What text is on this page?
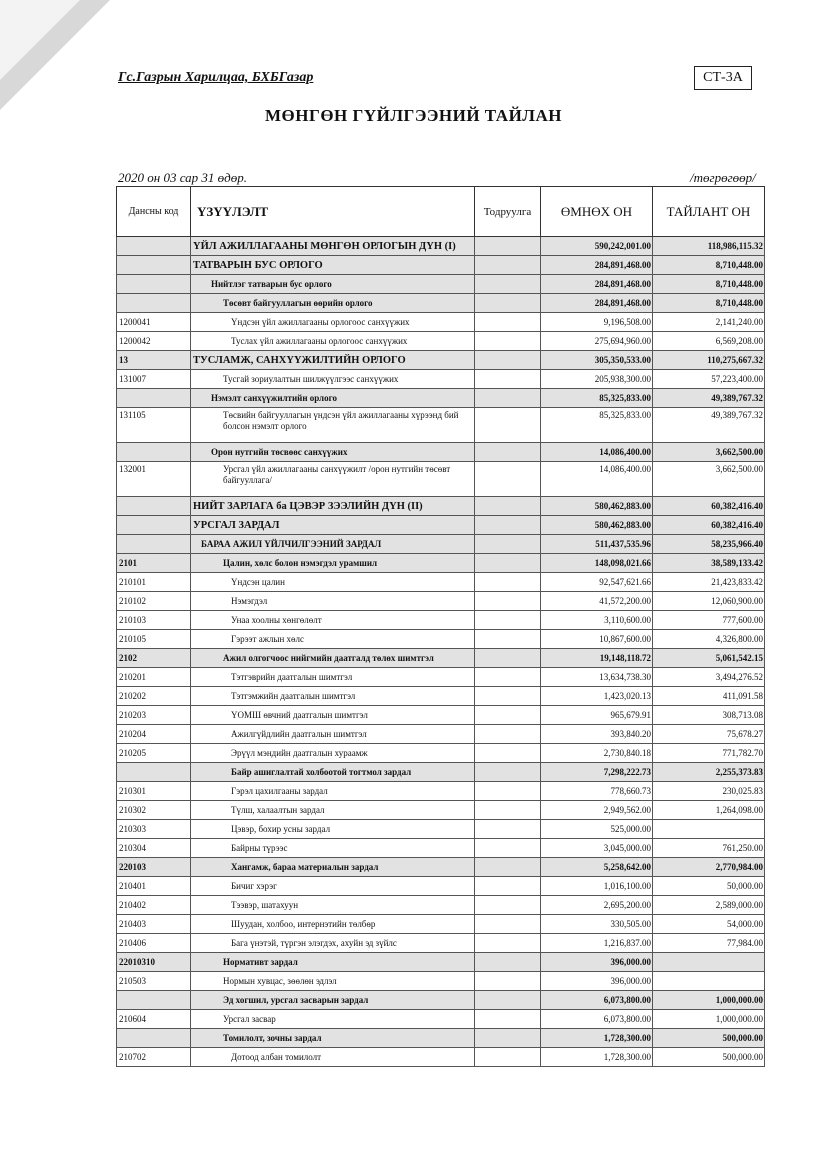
Гс.Газрын Харилцаа, БХБГазар	СТ-3А
МӨНГӨН ГҮЙЛГЭЭНИЙ ТАЙЛАН
2020 он 03 сар 31 өдөр.	/төгрөгөөр/
Дансны код	ҮЗҮҮЛЭЛТ	Тодруулга	ӨМНӨХ ОН	ТАЙЛАНТ ОН
	ҮЙЛ АЖИЛЛАГААНЫ МӨНГӨН ОРЛОГЫН ДҮН (I)		590,242,001.00	118,986,115.32
	ТАТВАРЫН БУС ОРЛОГО		284,891,468.00	8,710,448.00
	Нийтлэг татварын бус орлого		284,891,468.00	8,710,448.00
	Төсөвт байгууллагын өөрийн орлого		284,891,468.00	8,710,448.00
1200041	Үндсэн үйл ажиллагааны орлогоос санхүүжих		9,196,508.00	2,141,240.00
1200042	Туслах үйл ажиллагааны орлогоос санхүүжих		275,694,960.00	6,569,208.00
13	ТУСЛАМЖ, САНХҮҮЖИЛТИЙН ОРЛОГО		305,350,533.00	110,275,667.32
131007	Тусгай зориулалтын шилжүүлгээс санхүүжих		205,938,300.00	57,223,400.00
	Нэмэлт санхүүжилтийн орлого		85,325,833.00	49,389,767.32
131105	Төсвийн байгууллагын үндсэн үйл ажиллагааны хүрээнд бий болсон нэмэлт орлого		85,325,833.00	49,389,767.32
	Орон нутгийн төсвөөс санхүүжих		14,086,400.00	3,662,500.00
132001	Урсгал үйл ажиллагааны санхүүжилт /орон нутгийн төсөвт байгууллага/		14,086,400.00	3,662,500.00
	НИЙТ ЗАРЛАГА ба ЦЭВЭР ЗЭЭЛИЙН ДҮН (II)		580,462,883.00	60,382,416.40
	УРСГАЛ ЗАРДАЛ		580,462,883.00	60,382,416.40
	БАРАА АЖИЛ ҮЙЛЧИЛГЭЭНИЙ ЗАРДАЛ		511,437,535.96	58,235,966.40
2101	Цалин, хөлс болон нэмэгдэл урамшил		148,098,021.66	38,589,133.42
210101	Үндсэн цалин		92,547,621.66	21,423,833.42
210102	Нэмэгдэл		41,572,200.00	12,060,900.00
210103	Унаа хоолны хөнгөлөлт		3,110,600.00	777,600.00
210105	Гэрээт ажлын хөлс		10,867,600.00	4,326,800.00
2102	Ажил олгогчоос нийгмийн даатгалд төлөх шимтгэл		19,148,118.72	5,061,542.15
210201	Тэтгэврийн даатгалын шимтгэл		13,634,738.30	3,494,276.52
210202	Тэтгэмжийн даатгалын шимтгэл		1,423,020.13	411,091.58
210203	ҮОМШ өвчний даатгалын шимтгэл		965,679.91	308,713.08
210204	Ажилгүйдлийн даатгалын шимтгэл		393,840.20	75,678.27
210205	Эрүүл мэндийн даатгалын хураамж		2,730,840.18	771,782.70
	Байр ашиглалтай холбоотой тогтмол зардал		7,298,222.73	2,255,373.83
210301	Гэрэл цахилгааны зардал		778,660.73	230,025.83
210302	Түлш, халаалтын зардал		2,949,562.00	1,264,098.00
210303	Цэвэр, бохир усны зардал		525,000.00	
210304	Байрны түрээс		3,045,000.00	761,250.00
220103	Хангамж, бараа материалын зардал		5,258,642.00	2,770,984.00
210401	Бичиг хэрэг		1,016,100.00	50,000.00
210402	Тээвэр, шатахуун		2,695,200.00	2,589,000.00
210403	Шуудан, холбоо, интернэтийн төлбөр		330,505.00	54,000.00
210406	Бага үнэтэй, түргэн элэгдэх, ахуйн эд зүйлс		1,216,837.00	77,984.00
22010310	Нормативт зардал		396,000.00	
210503	Нормын хувцас, зөөлөн эдлэл		396,000.00	
	Эд хогшил, урсгал засварын зардал		6,073,800.00	1,000,000.00
210604	Урсгал засвар		6,073,800.00	1,000,000.00
	Томилолт, зочны зардал		1,728,300.00	500,000.00
210702	Дотоод албан томилолт		1,728,300.00	500,000.00
